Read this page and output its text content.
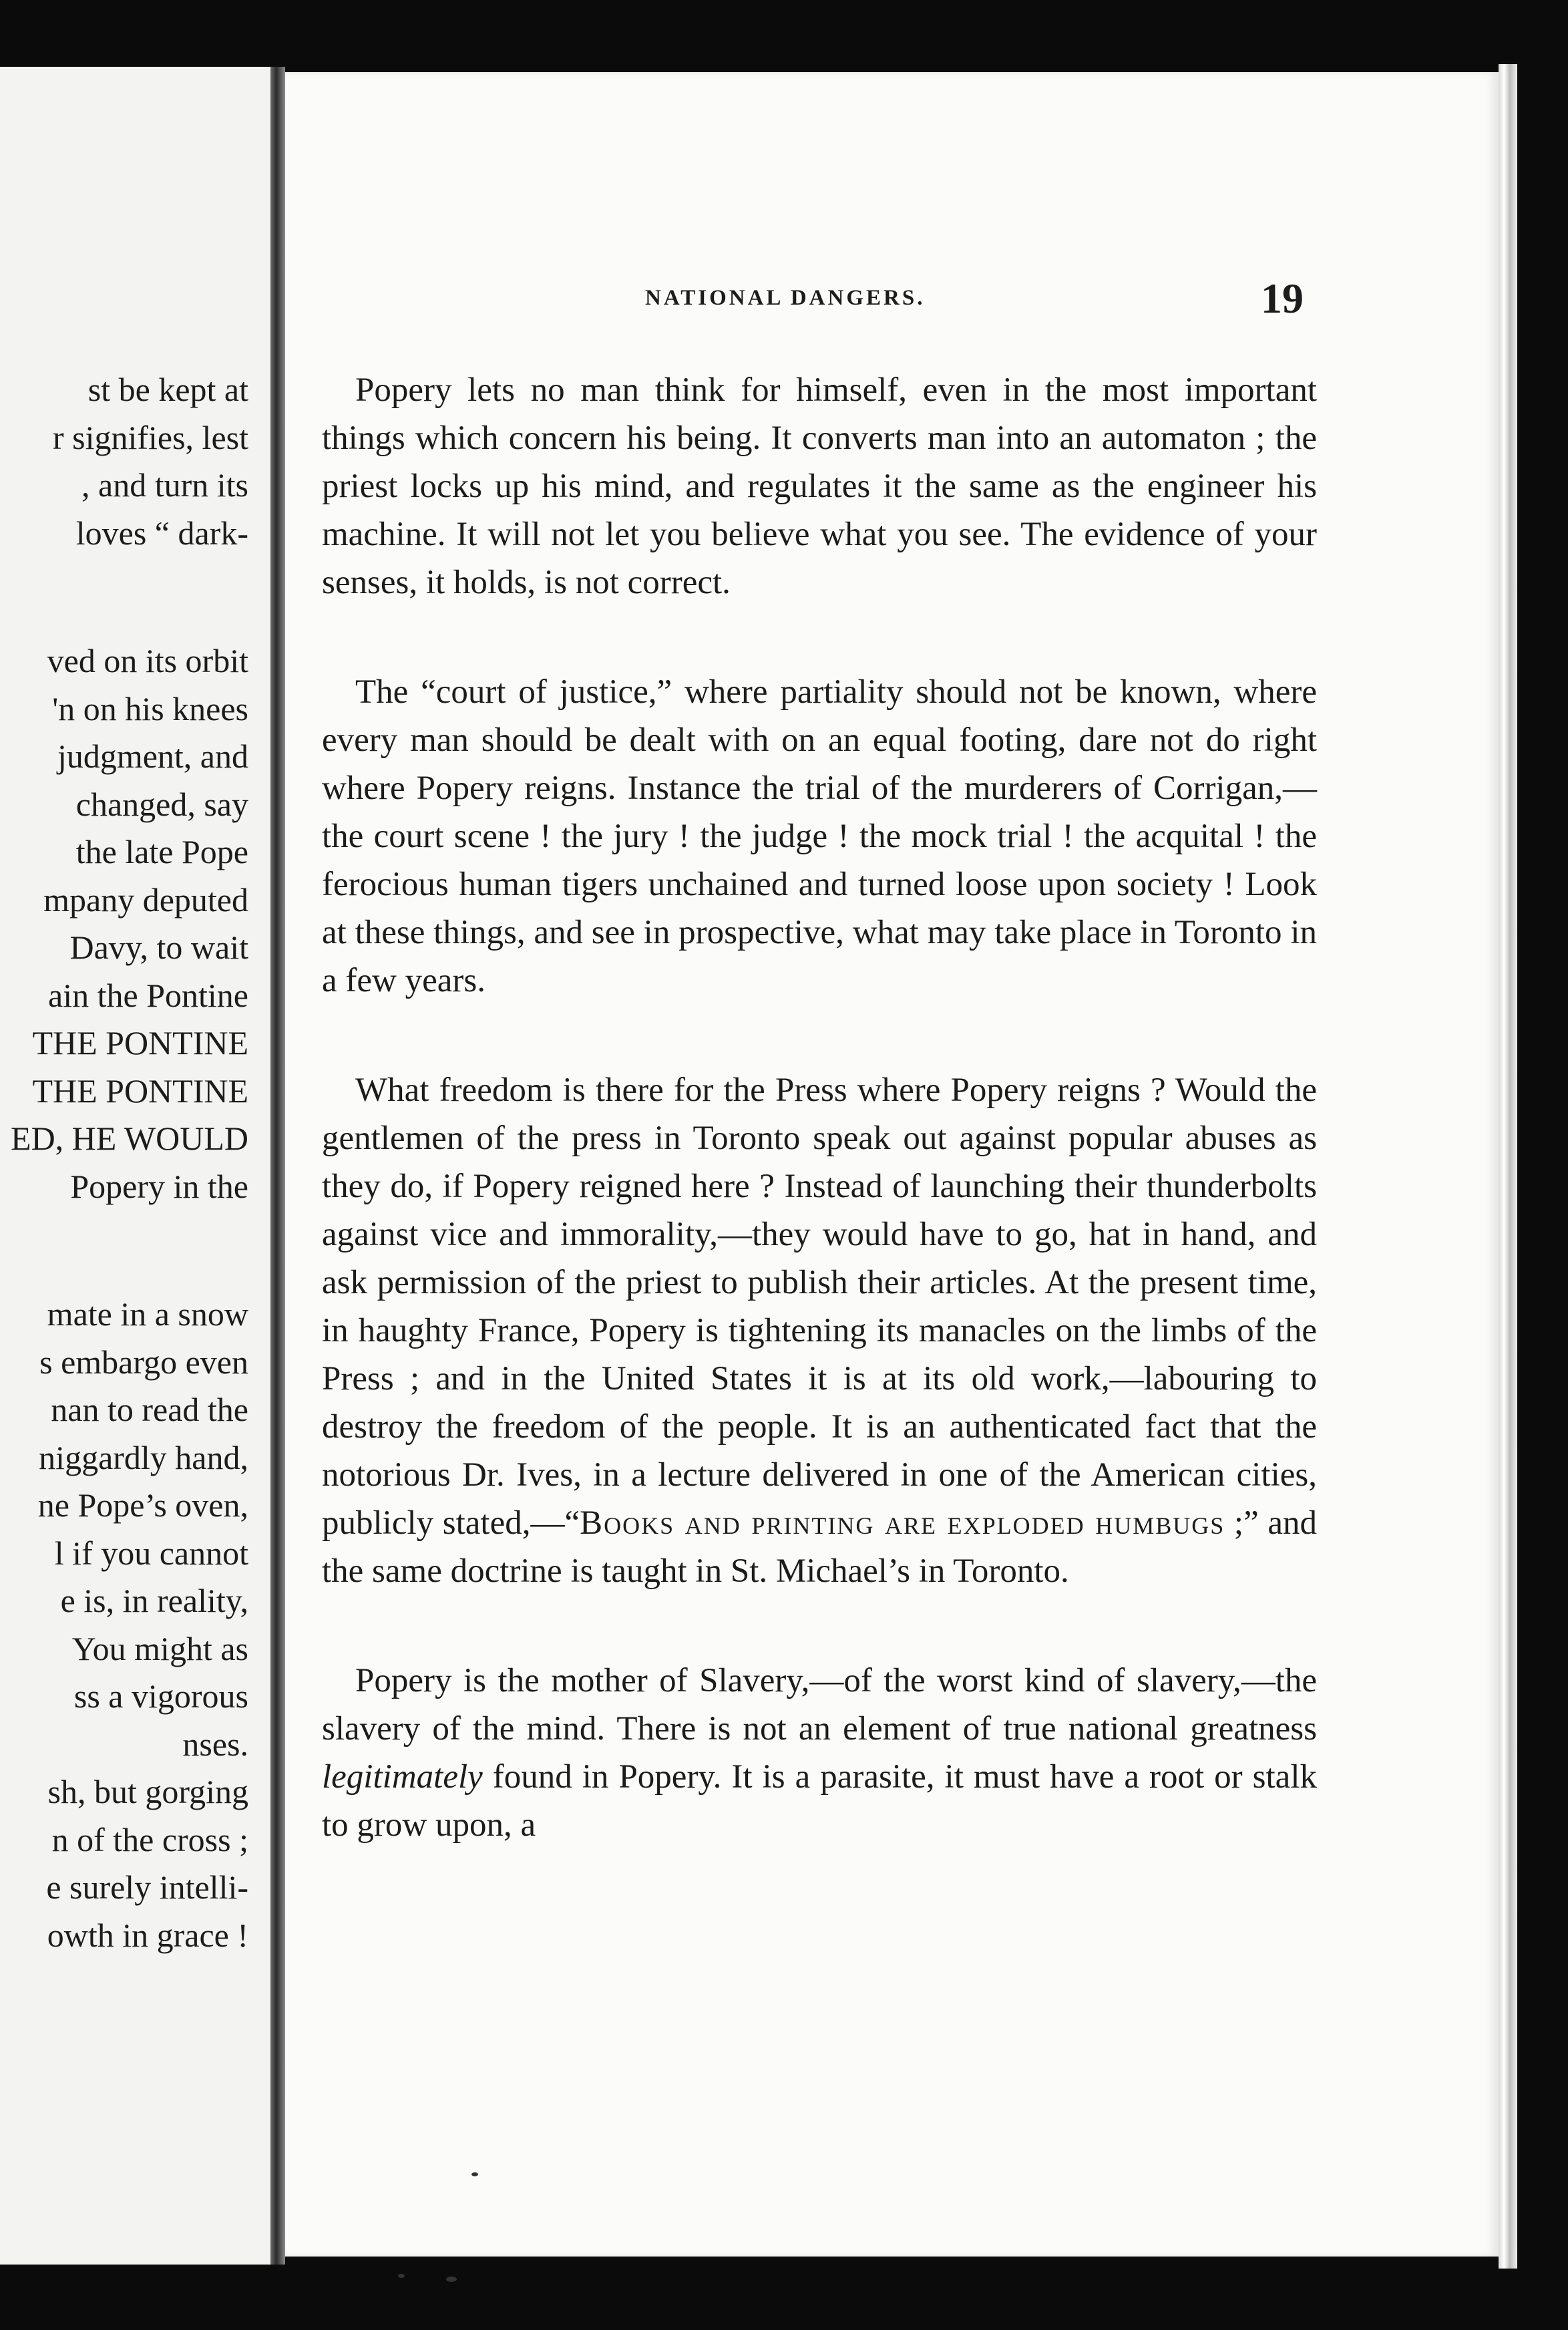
st be kept at
r signifies, lest
, and turn its
loves “ dark-
ved on its orbit
'n on his knees
judgment, and
changed, say
the late Pope
mpany deputed
Davy, to wait
ain the Pontine
THE PONTINE
THE PONTINE
ED, HE WOULD
Popery in the
mate in a snow
s embargo even
nan to read the
niggardly hand,
ne Pope’s oven,
l if you cannot
e is, in reality,
You might as
ss a vigorous
nses.
sh, but gorging
n of the cross ;
e surely intelli-
owth in grace !
NATIONAL DANGERS.	19

Popery lets no man think for himself, even in the most important things which concern his being. It converts man into an automaton ; the priest locks up his mind, and regulates it the same as the engineer his machine. It will not let you believe what you see. The evidence of your senses, it holds, is not correct.

The “court of justice,” where partiality should not be known, where every man should be dealt with on an equal footing, dare not do right where Popery reigns. Instance the trial of the murderers of Corrigan,—the court scene ! the jury ! the judge ! the mock trial ! the acquital ! the ferocious human tigers unchained and turned loose upon society ! Look at these things, and see in prospective, what may take place in Toronto in a few years.

What freedom is there for the Press where Popery reigns ? Would the gentlemen of the press in Toronto speak out against popular abuses as they do, if Popery reigned here ? Instead of launching their thunderbolts against vice and immorality,—they would have to go, hat in hand, and ask permission of the priest to publish their articles. At the present time, in haughty France, Popery is tightening its manacles on the limbs of the Press ; and in the United States it is at its old work,—labouring to destroy the freedom of the people. It is an authenticated fact that the notorious Dr. Ives, in a lecture delivered in one of the American cities, publicly stated,—“Books and printing are exploded humbugs ;” and the same doctrine is taught in St. Michael’s in Toronto.

Popery is the mother of Slavery,—of the worst kind of slavery,—the slavery of the mind. There is not an element of true national greatness legitimately found in Popery. It is a parasite, it must have a root or stalk to grow upon, a
